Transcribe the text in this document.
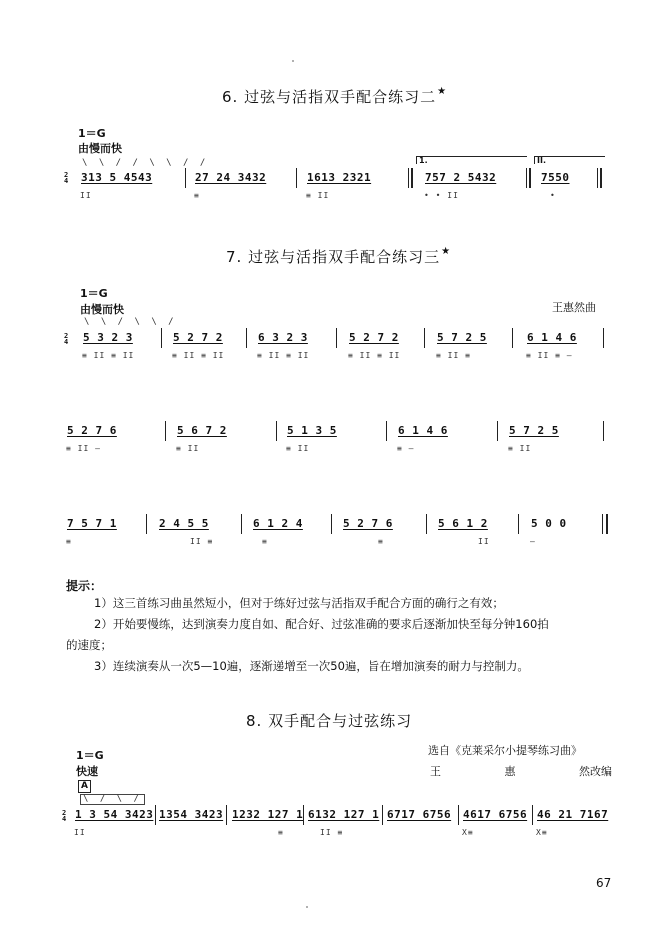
6. 过弦与活指双手配合练习二★
1＝G
由慢而快
\ \ / / \ \ / /
2
4 313 5 4543	27 24 3432	1613 2321
1.
757 2 5432
II.
7550
II	≡	≡ II	• • II	•
7. 过弦与活指双手配合练习三★
1＝G
由慢而快	王惠然曲
\ \ / \ \ /
2
4 5 3 2 3	5 2 7 2	6 3 2 3	5 2 7 2	5 7 2 5	6 1 4 6
≡ II ≡ II	≡ II ≡ II	≡ II ≡ II	≡ II ≡ II	≡ II ≡	≡ II ≡ –
5 2 7 6	5 6 7 2	5 1 3 5	6 1 4 6	5 7 2 5
≡ II –	≡ II	≡ II	≡ –	≡ II
7 5 7 1	2 4 5 5	6 1 2 4	5 2 7 6	5 6 1 2	5 0 0
≡	II ≡	≡	≡	II	–
提示：
1）这三首练习曲虽然短小，但对于练好过弦与活指双手配合方面的确行之有效；
2）开始要慢练，达到演奏力度自如、配合好、过弦准确的要求后逐渐加快至每分钟160拍
的速度；
3）连续演奏从一次5—10遍，逐渐递增至一次50遍，旨在增加演奏的耐力与控制力。
8. 双手配合与过弦练习
1＝G
快速
选自《克莱采尔小提琴练习曲》
王	惠	然改编
A
\ / \ /
2
4 1 3 54 3423 1354 3423 1232 127 1 6132 127 1 6717 6756 4617 6756 46 21 7167
II	≡	II ≡	X≡	X≡
67
